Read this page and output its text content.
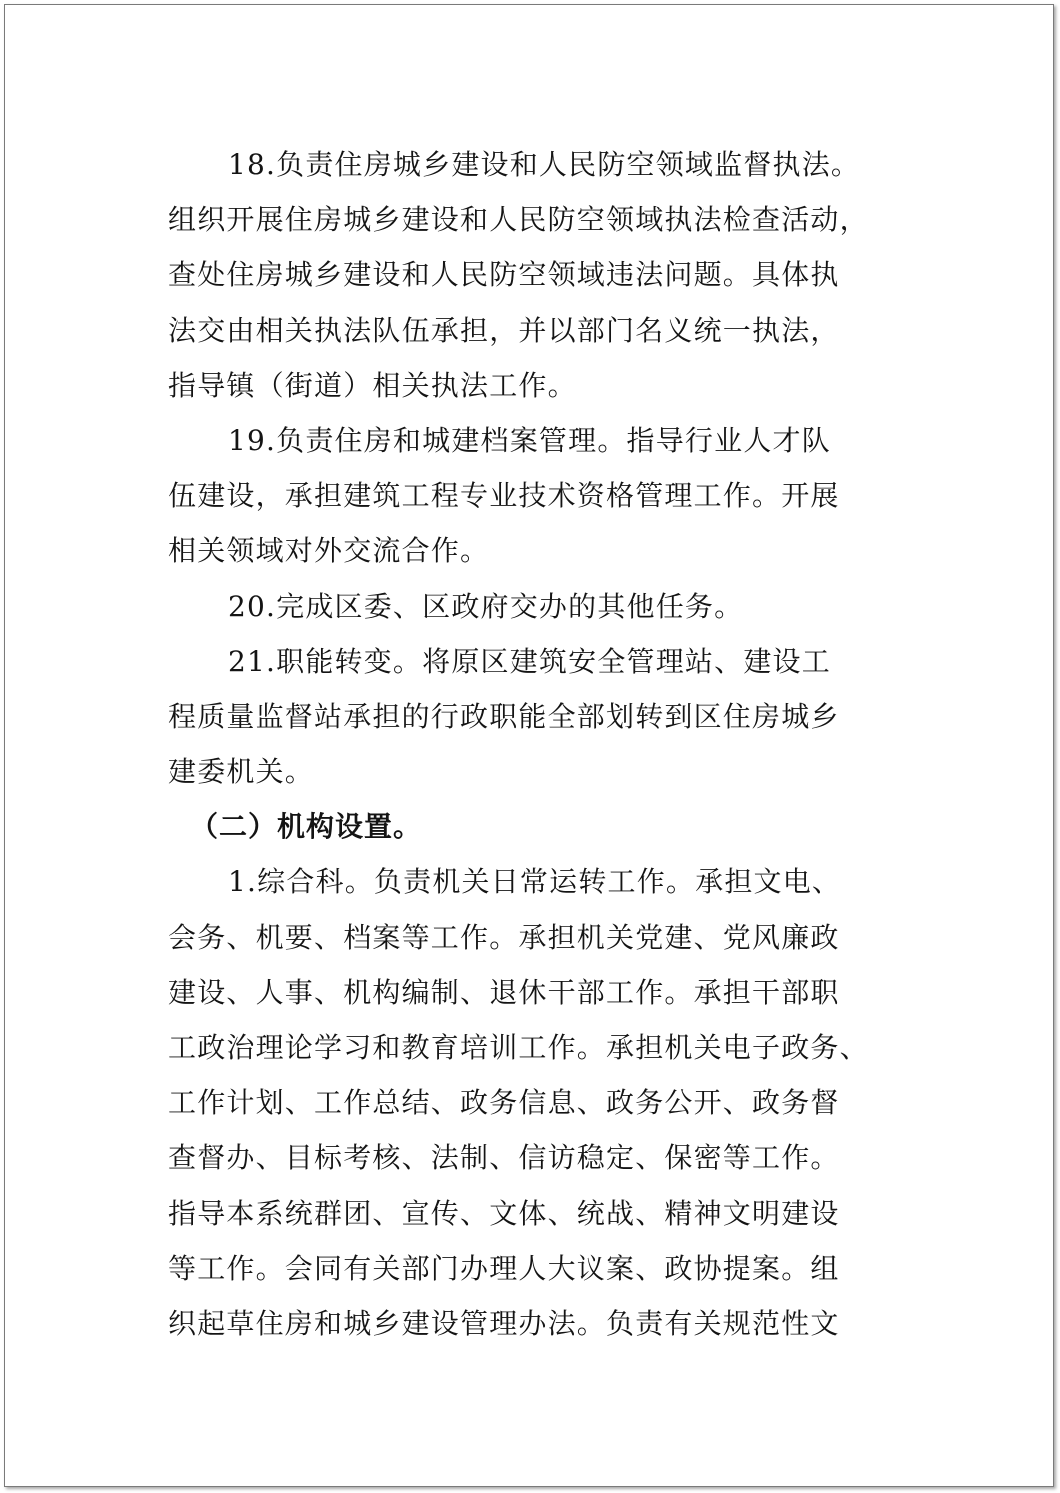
18.负责住房城乡建设和人民防空领域监督执法。
组织开展住房城乡建设和人民防空领域执法检查活动，
查处住房城乡建设和人民防空领域违法问题。具体执
法交由相关执法队伍承担，并以部门名义统一执法，
指导镇（街道）相关执法工作。
19.负责住房和城建档案管理。指导行业人才队
伍建设，承担建筑工程专业技术资格管理工作。开展
相关领域对外交流合作。
20.完成区委、区政府交办的其他任务。
21.职能转变。将原区建筑安全管理站、建设工
程质量监督站承担的行政职能全部划转到区住房城乡
建委机关。
（二）机构设置。
1.综合科。负责机关日常运转工作。承担文电、
会务、机要、档案等工作。承担机关党建、党风廉政
建设、人事、机构编制、退休干部工作。承担干部职
工政治理论学习和教育培训工作。承担机关电子政务、
工作计划、工作总结、政务信息、政务公开、政务督
查督办、目标考核、法制、信访稳定、保密等工作。
指导本系统群团、宣传、文体、统战、精神文明建设
等工作。会同有关部门办理人大议案、政协提案。组
织起草住房和城乡建设管理办法。负责有关规范性文
